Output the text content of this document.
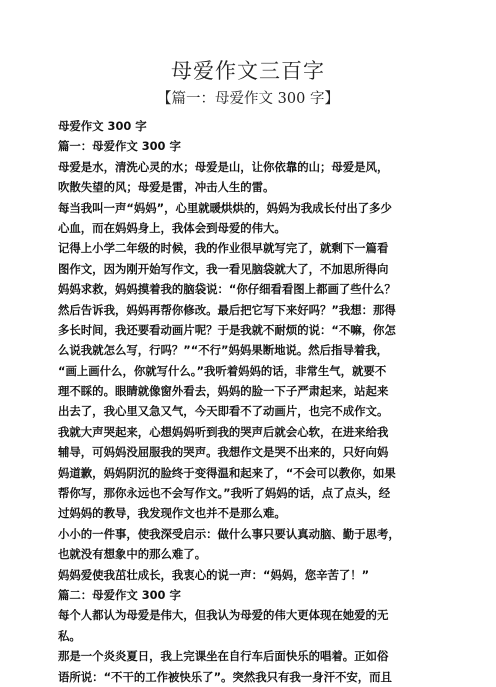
母爱作文三百字
【篇一：母爱作文 300 字】
母爱作文 300 字
篇一：母爱作文 300 字
母爱是水，清洗心灵的水；母爱是山，让你依靠的山；母爱是风，
吹散失望的风；母爱是雷，冲击人生的雷。
每当我叫一声“妈妈”，心里就暖烘烘的，妈妈为我成长付出了多少
心血，而在妈妈身上，我体会到母爱的伟大。
记得上小学二年级的时候，我的作业很早就写完了，就剩下一篇看
图作文，因为刚开始写作文，我一看见脑袋就大了，不加思所得向
妈妈求救，妈妈摸着我的脑袋说：“你仔细看看图上都画了些什么？
然后告诉我，妈妈再帮你修改。最后把它写下来好吗？”我想：那得
多长时间，我还要看动画片呢？于是我就不耐烦的说：“不嘛，你怎
么说我就怎么写，行吗？”“不行”妈妈果断地说。然后指导着我，
“画上画什么，你就写什么。”我听着妈妈的话，非常生气，就要不
理不睬的。眼睛就像窗外看去，妈妈的脸一下子严肃起来，站起来
出去了，我心里又急又气，今天即看不了动画片，也完不成作文。
我就大声哭起来，心想妈妈听到我的哭声后就会心软，在进来给我
辅导，可妈妈没屈服我的哭声。我想作文是哭不出来的，只好向妈
妈道歉，妈妈阴沉的脸终于变得温和起来了，“不会可以教你，如果
帮你写，那你永远也不会写作文。”我听了妈妈的话，点了点头，经
过妈妈的教导，我发现作文也并不是那么难。
小小的一件事，使我深受启示：做什么事只要认真动脑、勤于思考，
也就没有想象中的那么难了。
妈妈爱使我茁壮成长，我衷心的说一声：“妈妈，您辛苦了！”
篇二：母爱作文 300 字
每个人都认为母爱是伟大，但我认为母爱的伟大更体现在她爱的无
私。
那是一个炎炎夏日，我上完课坐在自行车后面快乐的唱着。正如俗
语所说：“不干的工作被快乐了”。突然我只有我一身汗不安，而且
